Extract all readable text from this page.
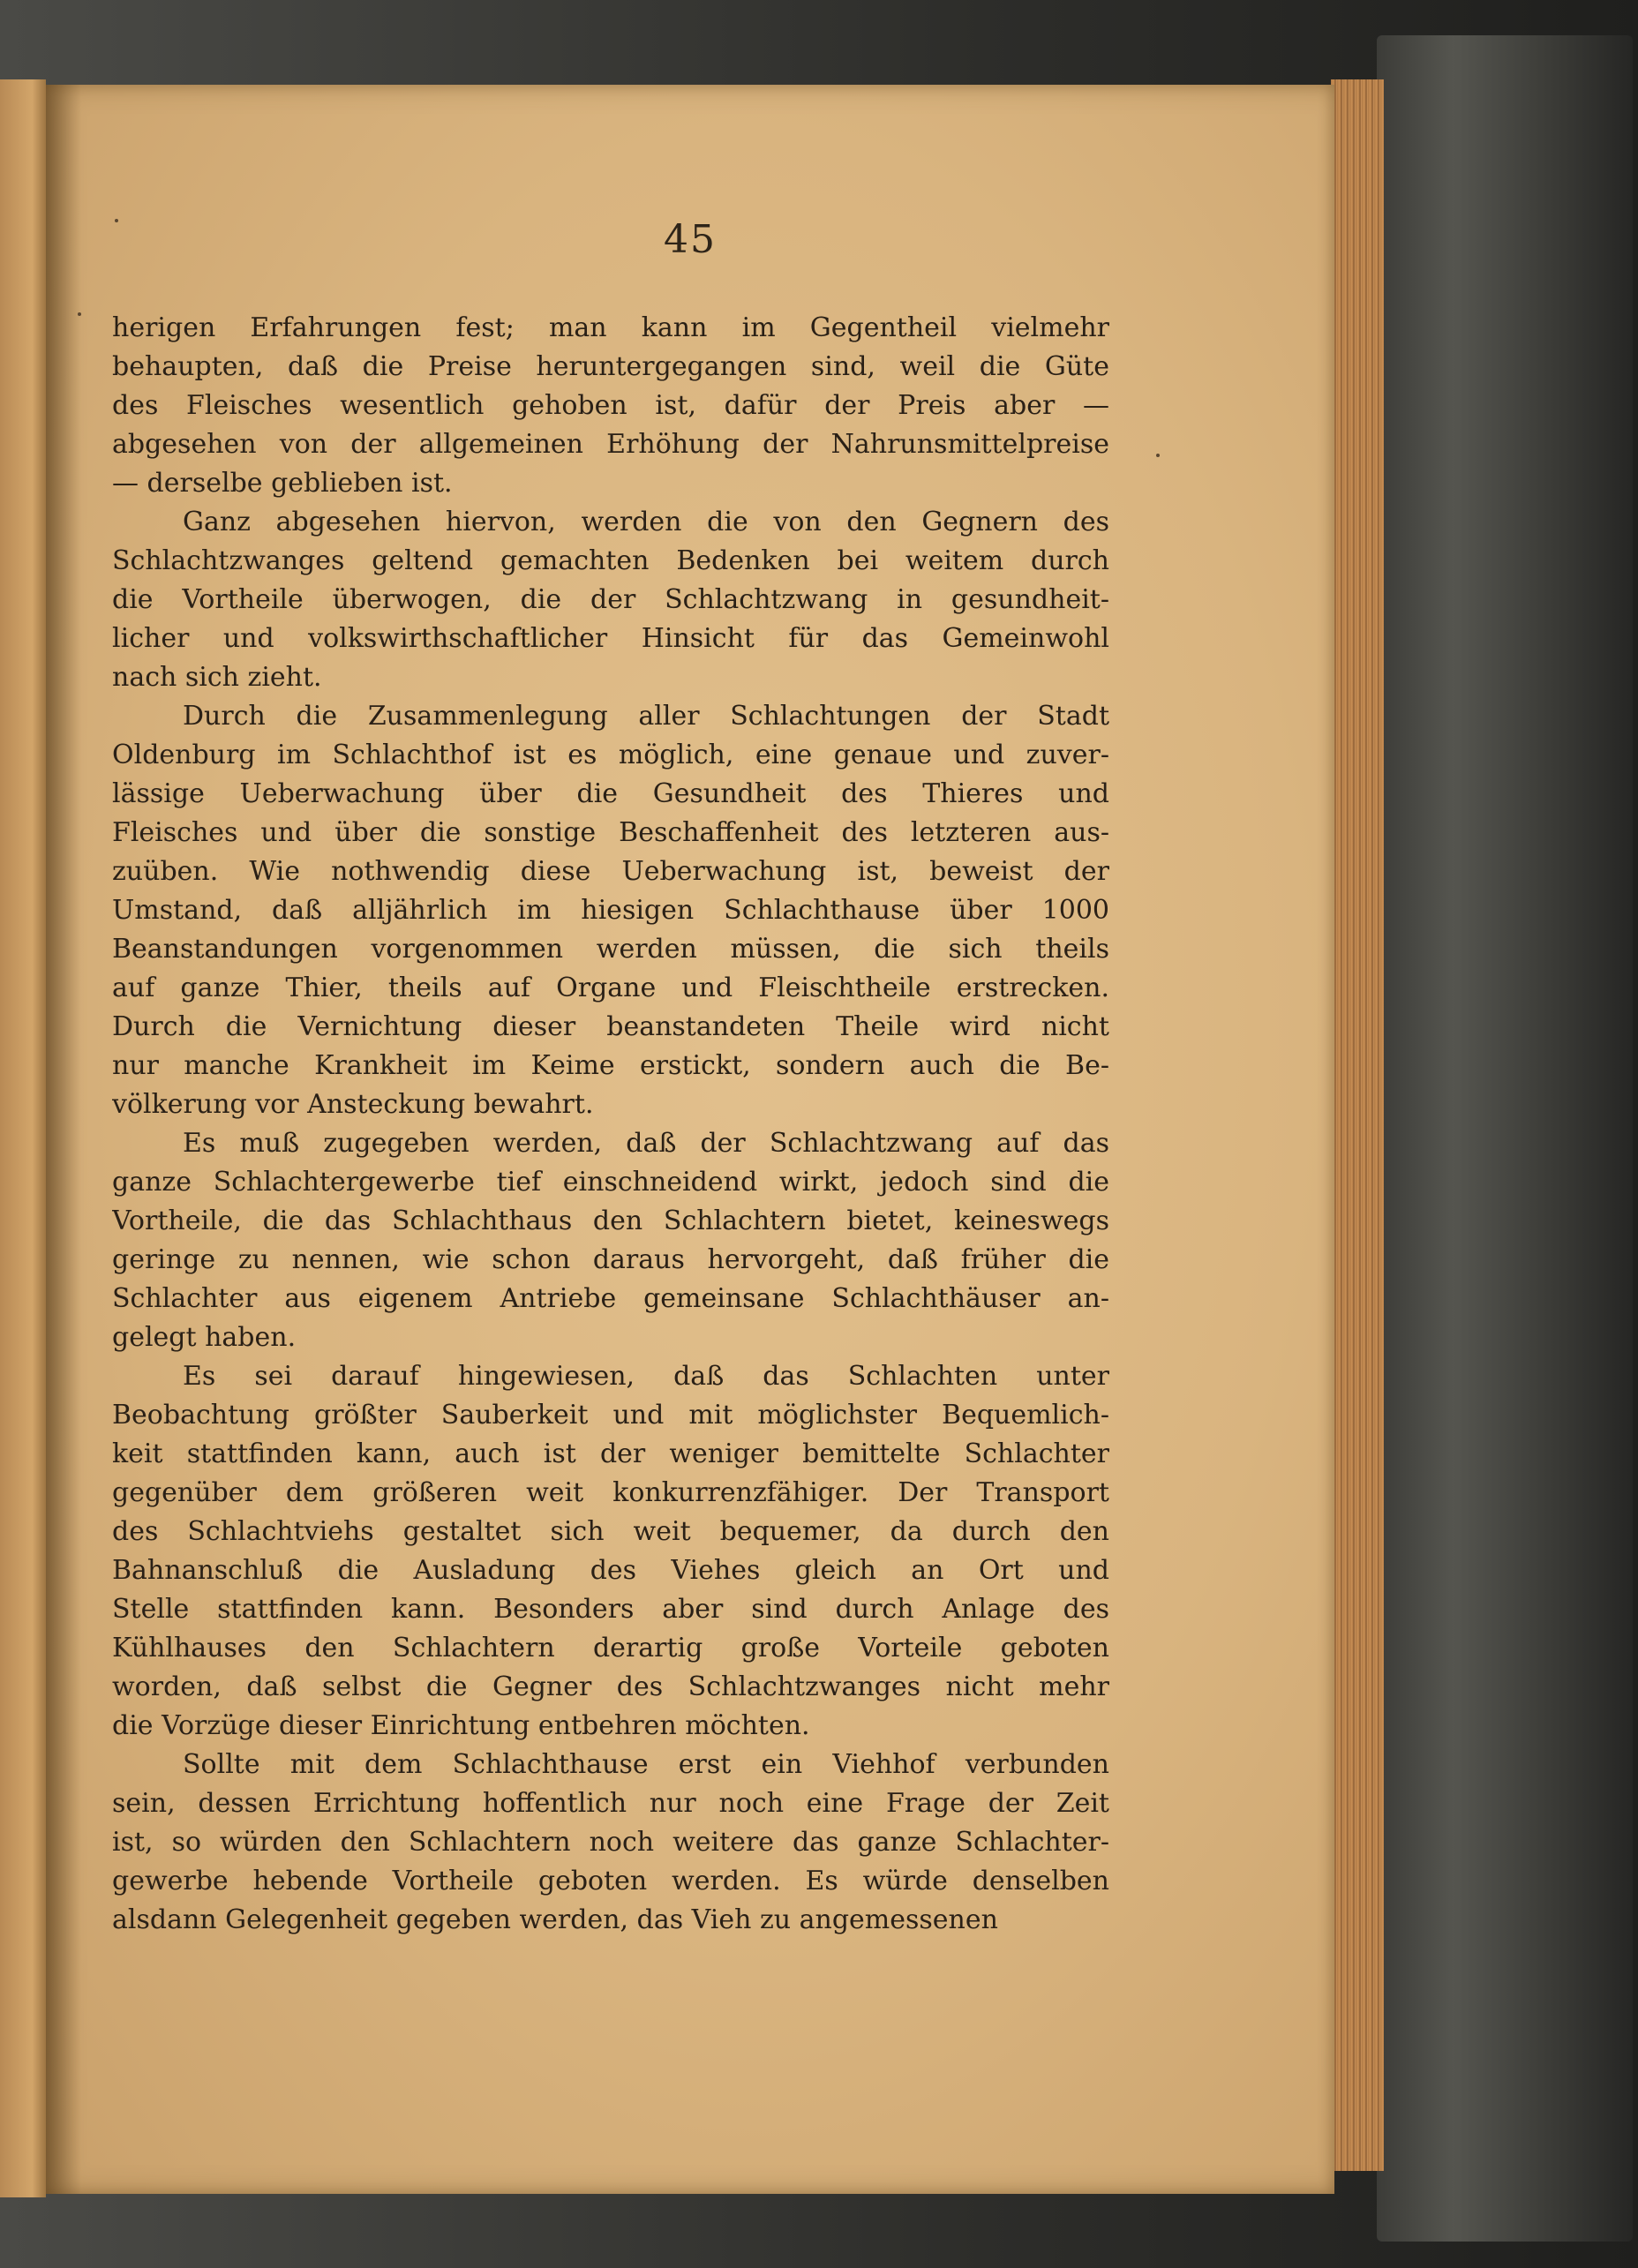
45
herigen Erfahrungen fest; man kann im Gegentheil vielmehr
behaupten, daß die Preise heruntergegangen sind, weil die Güte
des Fleisches wesentlich gehoben ist, dafür der Preis aber —
abgesehen von der allgemeinen Erhöhung der Nahrunsmittelpreise
— derselbe geblieben ist.
Ganz abgesehen hiervon, werden die von den Gegnern des
Schlachtzwanges geltend gemachten Bedenken bei weitem durch
die Vortheile überwogen, die der Schlachtzwang in gesundheit-
licher und volkswirthschaftlicher Hinsicht für das Gemeinwohl
nach sich zieht.
Durch die Zusammenlegung aller Schlachtungen der Stadt
Oldenburg im Schlachthof ist es möglich, eine genaue und zuver-
lässige Ueberwachung über die Gesundheit des Thieres und
Fleisches und über die sonstige Beschaffenheit des letzteren aus-
zuüben. Wie nothwendig diese Ueberwachung ist, beweist der
Umstand, daß alljährlich im hiesigen Schlachthause über 1000
Beanstandungen vorgenommen werden müssen, die sich theils
auf ganze Thier, theils auf Organe und Fleischtheile erstrecken.
Durch die Vernichtung dieser beanstandeten Theile wird nicht
nur manche Krankheit im Keime erstickt, sondern auch die Be-
völkerung vor Ansteckung bewahrt.
Es muß zugegeben werden, daß der Schlachtzwang auf das
ganze Schlachtergewerbe tief einschneidend wirkt, jedoch sind die
Vortheile, die das Schlachthaus den Schlachtern bietet, keineswegs
geringe zu nennen, wie schon daraus hervorgeht, daß früher die
Schlachter aus eigenem Antriebe gemeinsane Schlachthäuser an-
gelegt haben.
Es sei darauf hingewiesen, daß das Schlachten unter
Beobachtung größter Sauberkeit und mit möglichster Bequemlich-
keit stattfinden kann, auch ist der weniger bemittelte Schlachter
gegenüber dem größeren weit konkurrenzfähiger. Der Transport
des Schlachtviehs gestaltet sich weit bequemer, da durch den
Bahnanschluß die Ausladung des Viehes gleich an Ort und
Stelle stattfinden kann. Besonders aber sind durch Anlage des
Kühlhauses den Schlachtern derartig große Vorteile geboten
worden, daß selbst die Gegner des Schlachtzwanges nicht mehr
die Vorzüge dieser Einrichtung entbehren möchten.
Sollte mit dem Schlachthause erst ein Viehhof verbunden
sein, dessen Errichtung hoffentlich nur noch eine Frage der Zeit
ist, so würden den Schlachtern noch weitere das ganze Schlachter-
gewerbe hebende Vortheile geboten werden. Es würde denselben
alsdann Gelegenheit gegeben werden, das Vieh zu angemessenen
